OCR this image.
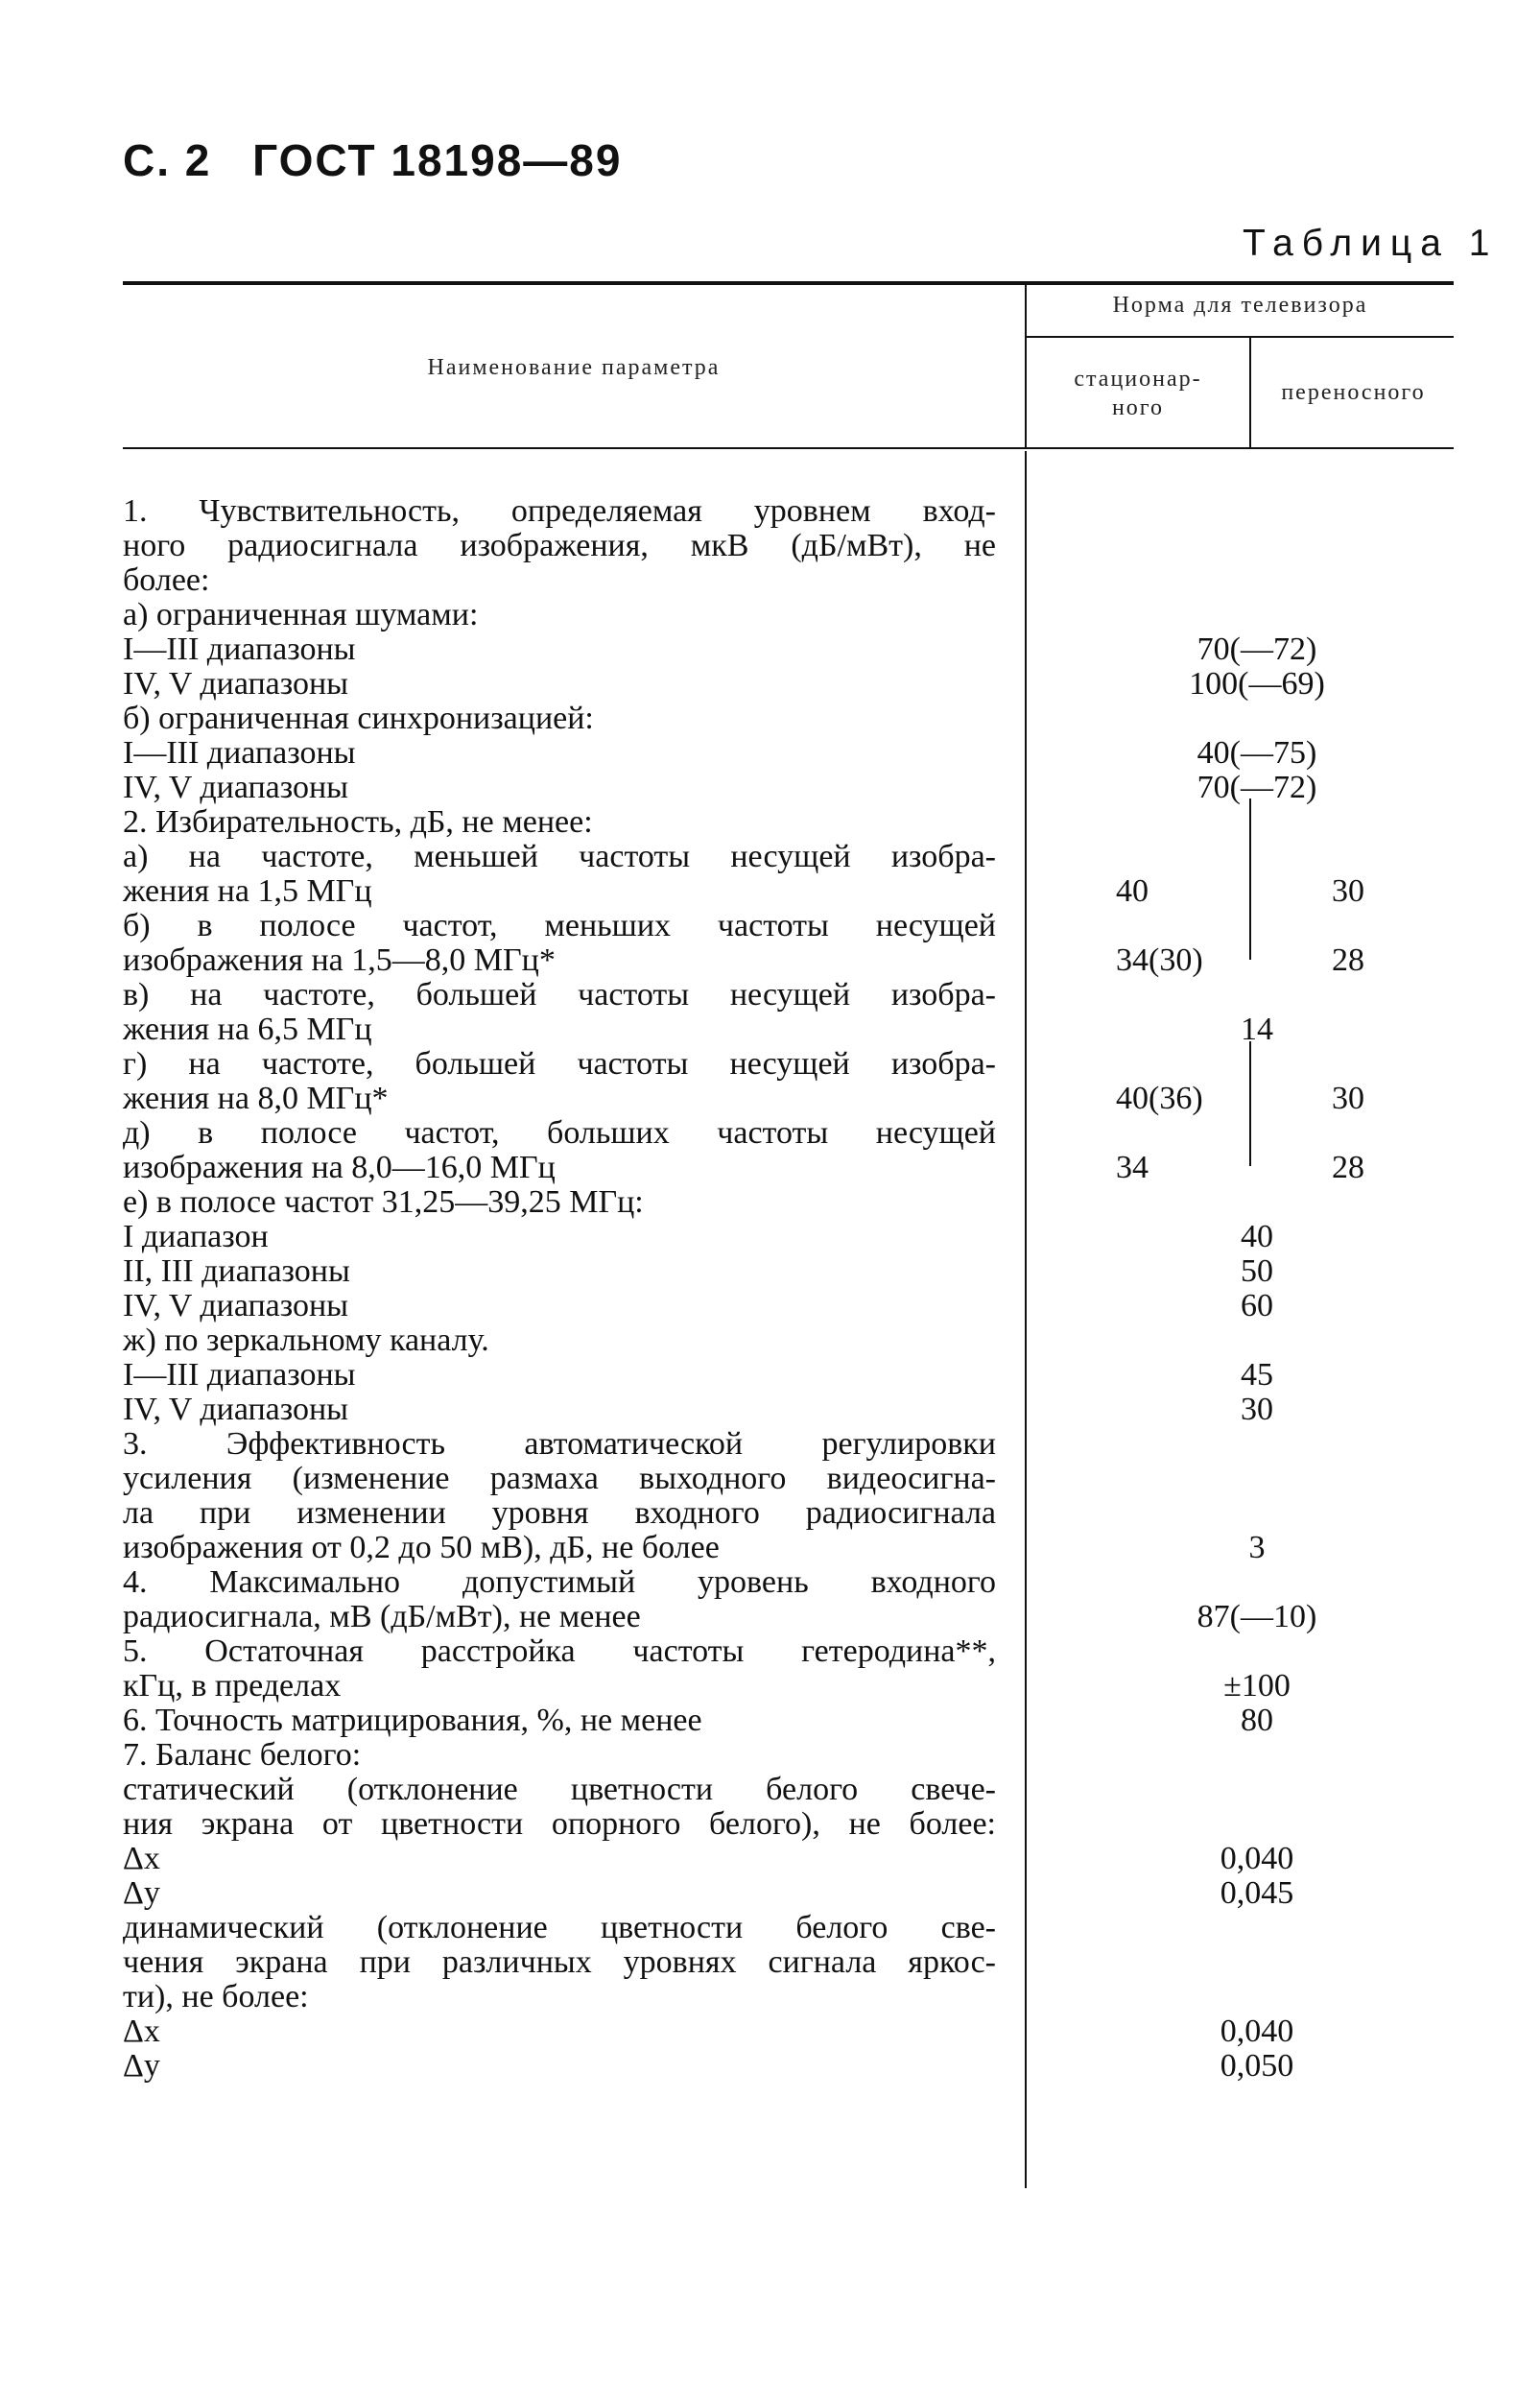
С. 2 ГОСТ 18198—89
Таблица 1
Наименование параметра
Норма для телевизора
стационар-
ного
переносного
1. Чувствительность, определяемая уровнем вход-
ного радиосигнала изображения, мкВ (дБ/мВт), не
более:
а) ограниченная шумами:
I—III диапазоны	70(—72)
IV, V диапазоны	100(—69)
б) ограниченная синхронизацией:
I—III диапазоны	40(—75)
IV, V диапазоны	70(—72)
2. Избирательность, дБ, не менее:
а) на частоте, меньшей частоты несущей изобра-
жения на 1,5 МГц	40	30
б) в полосе частот, меньших частоты несущей
изображения на 1,5—8,0 МГц*	34(30)	28
в) на частоте, большей частоты несущей изобра-
жения на 6,5 МГц	14
г) на частоте, большей частоты несущей изобра-
жения на 8,0 МГц*	40(36)	30
д) в полосе частот, больших частоты несущей
изображения на 8,0—16,0 МГц	34	28
е) в полосе частот 31,25—39,25 МГц:
I диапазон	40
II, III диапазоны	50
IV, V диапазоны	60
ж) по зеркальному каналу.
I—III диапазоны	45
IV, V диапазоны	30
3. Эффективность автоматической регулировки
усиления (изменение размаха выходного видеосигна-
ла при изменении уровня входного радиосигнала
изображения от 0,2 до 50 мВ), дБ, не более	3
4. Максимально допустимый уровень входного
радиосигнала, мВ (дБ/мВт), не менее	87(—10)
5. Остаточная расстройка частоты гетеродина**,
кГц, в пределах	±100
6. Точность матрицирования, %, не менее	80
7. Баланс белого:
статический (отклонение цветности белого свече-
ния экрана от цветности опорного белого), не более:
Δx	0,040
Δy	0,045
динамический (отклонение цветности белого све-
чения экрана при различных уровнях сигнала яркос-
ти), не более:
Δx	0,040
Δy	0,050
